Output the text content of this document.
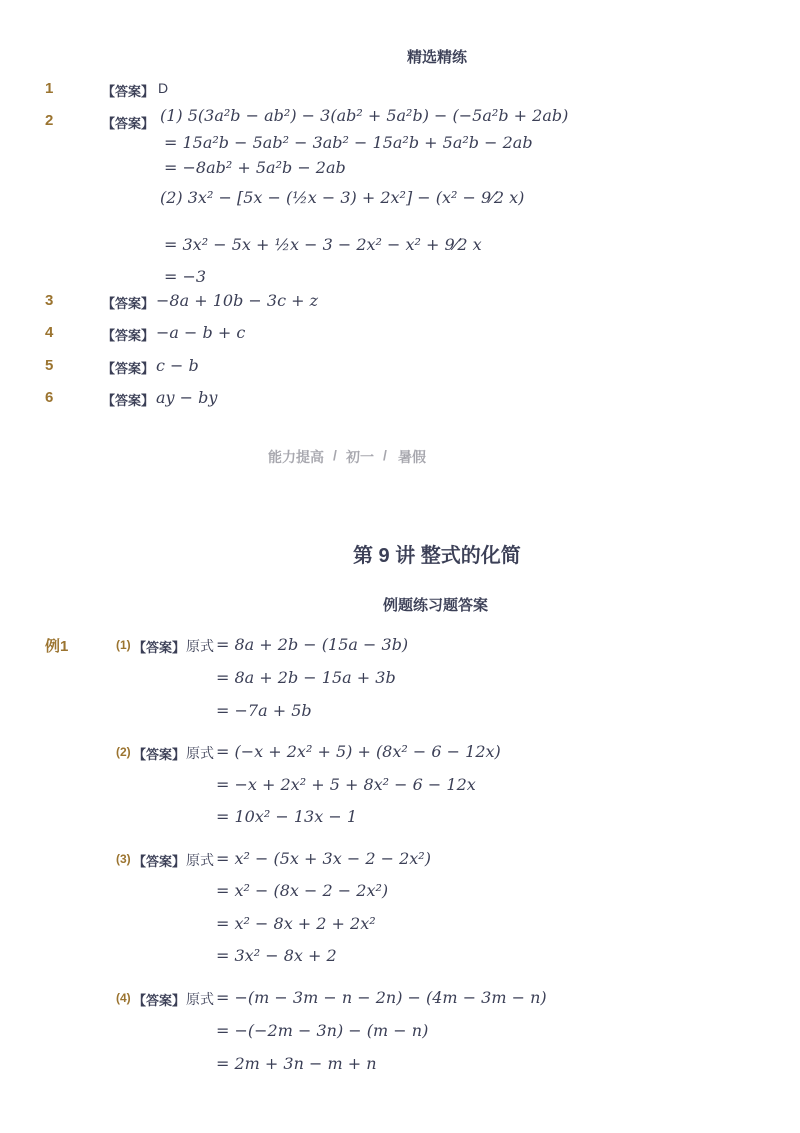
精选精练
1	【答案】 D
2	【答案】 (1) 5(3a²b − ab²) − 3(ab² + 5a²b) − (−5a²b + 2ab)
= 15a²b − 5ab² − 3ab² − 15a²b + 5a²b − 2ab
= −8ab² + 5a²b − 2ab
(2) 3x² − [5x − (½x − 3) + 2x²] − (x² − 9⁄2 x)
= 3x² − 5x + ½x − 3 − 2x² − x² + 9⁄2 x
= −3
3	【答案】 −8a + 10b − 3c + z
4	【答案】 −a − b + c
5	【答案】 c − b
6	【答案】 ay − by
能力提高 / 初一 / 暑假
第 9 讲 整式的化简
例题练习题答案
例1	(1) 【答案】 原式 = 8a + 2b − (15a − 3b)
= 8a + 2b − 15a + 3b
= −7a + 5b
(2) 【答案】 原式 = (−x + 2x² + 5) + (8x² − 6 − 12x)
= −x + 2x² + 5 + 8x² − 6 − 12x
= 10x² − 13x − 1
(3) 【答案】 原式 = x² − (5x + 3x − 2 − 2x²)
= x² − (8x − 2 − 2x²)
= x² − 8x + 2 + 2x²
= 3x² − 8x + 2
(4) 【答案】 原式 = −(m − 3m − n − 2n) − (4m − 3m − n)
= −(−2m − 3n) − (m − n)
= 2m + 3n − m + n
